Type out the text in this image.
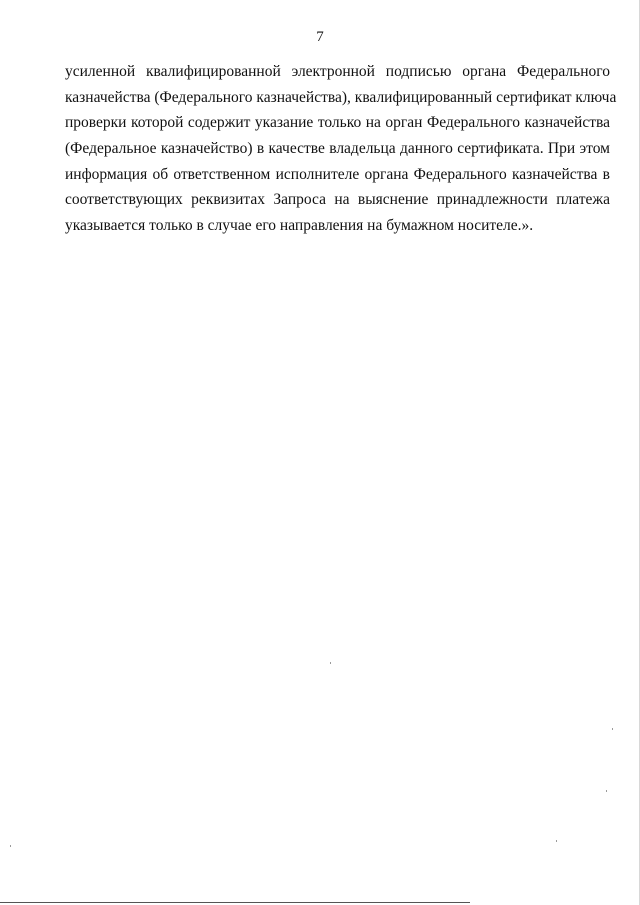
7
усиленной квалифицированной электронной подписью органа Федерального
казначейства (Федерального казначейства), квалифицированный сертификат ключа
проверки которой содержит указание только на орган Федерального казначейства
(Федеральное казначейство) в качестве владельца данного сертификата. При этом
информация об ответственном исполнителе органа Федерального казначейства в
соответствующих реквизитах Запроса на выяснение принадлежности платежа
указывается только в случае его направления на бумажном носителе.».
